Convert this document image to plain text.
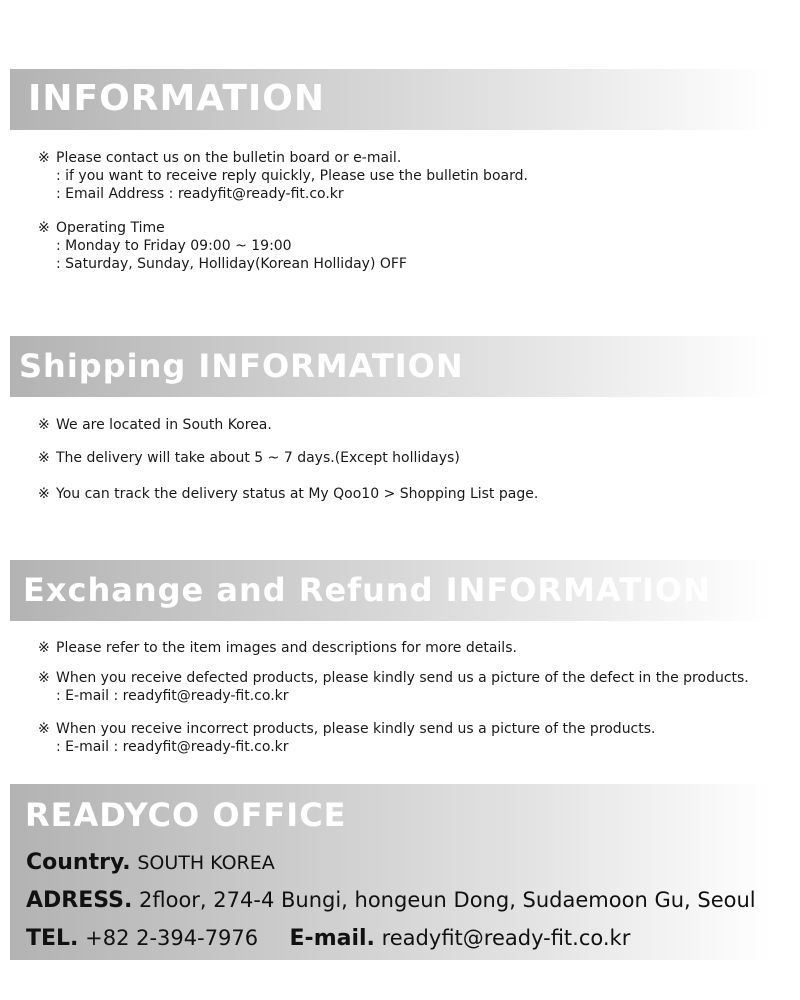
INFORMATION
※ Please contact us on the bulletin board or e-mail.
: if you want to receive reply quickly, Please use the bulletin board.
: Email Address : readyfit@ready-fit.co.kr
※ Operating Time
: Monday to Friday 09:00 ~ 19:00
: Saturday, Sunday, Holliday(Korean Holliday) OFF
Shipping INFORMATION
※ We are located in South Korea.
※ The delivery will take about 5 ~ 7 days.(Except hollidays)
※ You can track the delivery status at My Qoo10 > Shopping List page.
Exchange and Refund INFORMATION
※ Please refer to the item images and descriptions for more details.
※ When you receive defected products, please kindly send us a picture of the defect in the products.
: E-mail : readyfit@ready-fit.co.kr
※ When you receive incorrect products, please kindly send us a picture of the products.
: E-mail : readyfit@ready-fit.co.kr
READYCO OFFICE
Country. SOUTH KOREA
ADRESS. 2floor, 274-4 Bungi, hongeun Dong, Sudaemoon Gu, Seoul
TEL. +82 2-394-7976 E-mail. readyfit@ready-fit.co.kr
